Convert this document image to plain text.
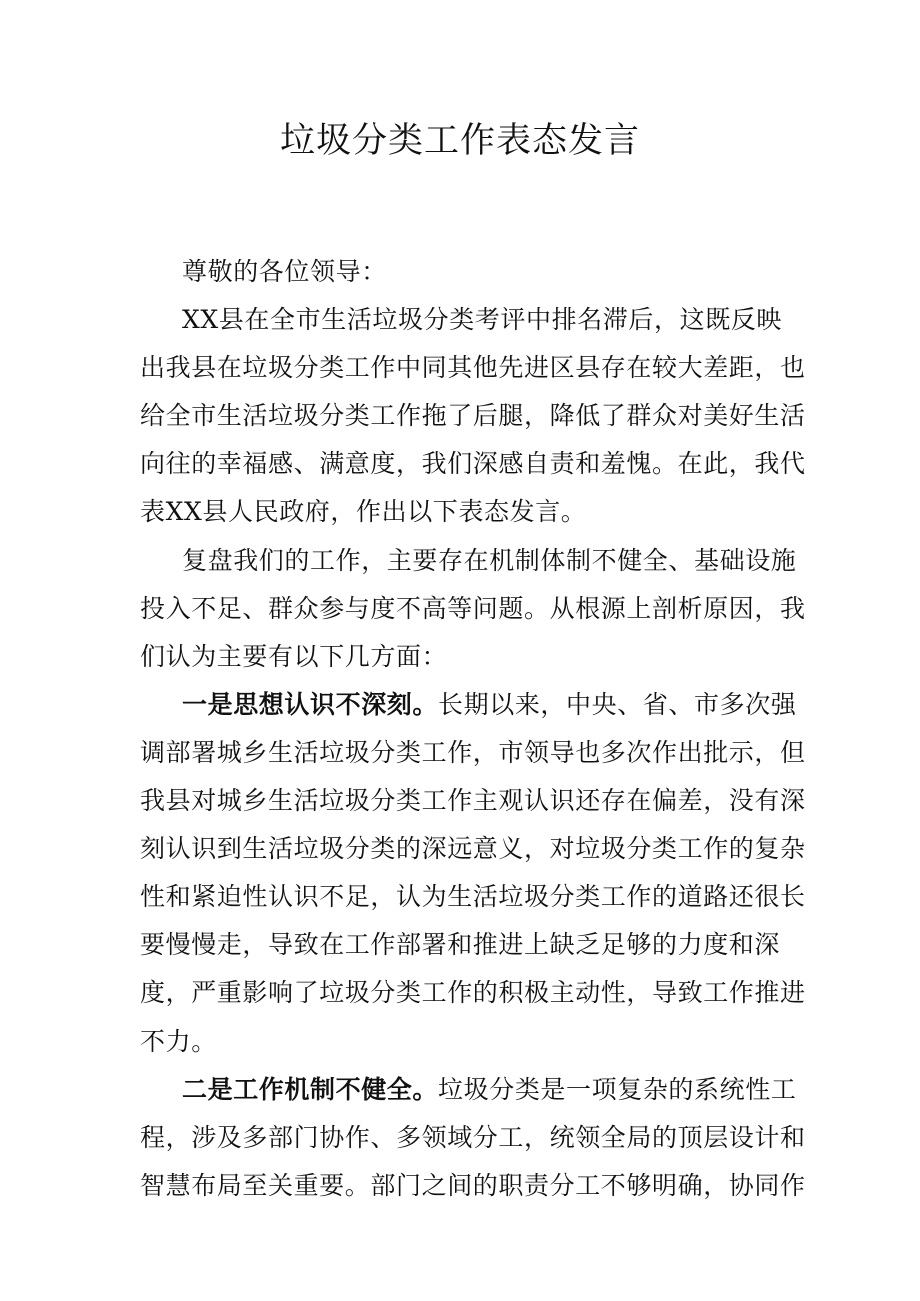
垃圾分类工作表态发言

尊敬的各位领导：

XX县在全市生活垃圾分类考评中排名滞后，这既反映
出我县在垃圾分类工作中同其他先进区县存在较大差距，也
给全市生活垃圾分类工作拖了后腿，降低了群众对美好生活
向往的幸福感、满意度，我们深感自责和羞愧。在此，我代
表XX县人民政府，作出以下表态发言。

复盘我们的工作，主要存在机制体制不健全、基础设施
投入不足、群众参与度不高等问题。从根源上剖析原因，我
们认为主要有以下几方面：

一是思想认识不深刻。长期以来，中央、省、市多次强
调部署城乡生活垃圾分类工作，市领导也多次作出批示，但
我县对城乡生活垃圾分类工作主观认识还存在偏差，没有深
刻认识到生活垃圾分类的深远意义，对垃圾分类工作的复杂
性和紧迫性认识不足，认为生活垃圾分类工作的道路还很长
要慢慢走，导致在工作部署和推进上缺乏足够的力度和深
度，严重影响了垃圾分类工作的积极主动性，导致工作推进
不力。

二是工作机制不健全。垃圾分类是一项复杂的系统性工
程，涉及多部门协作、多领域分工，统领全局的顶层设计和
智慧布局至关重要。部门之间的职责分工不够明确，协同作
